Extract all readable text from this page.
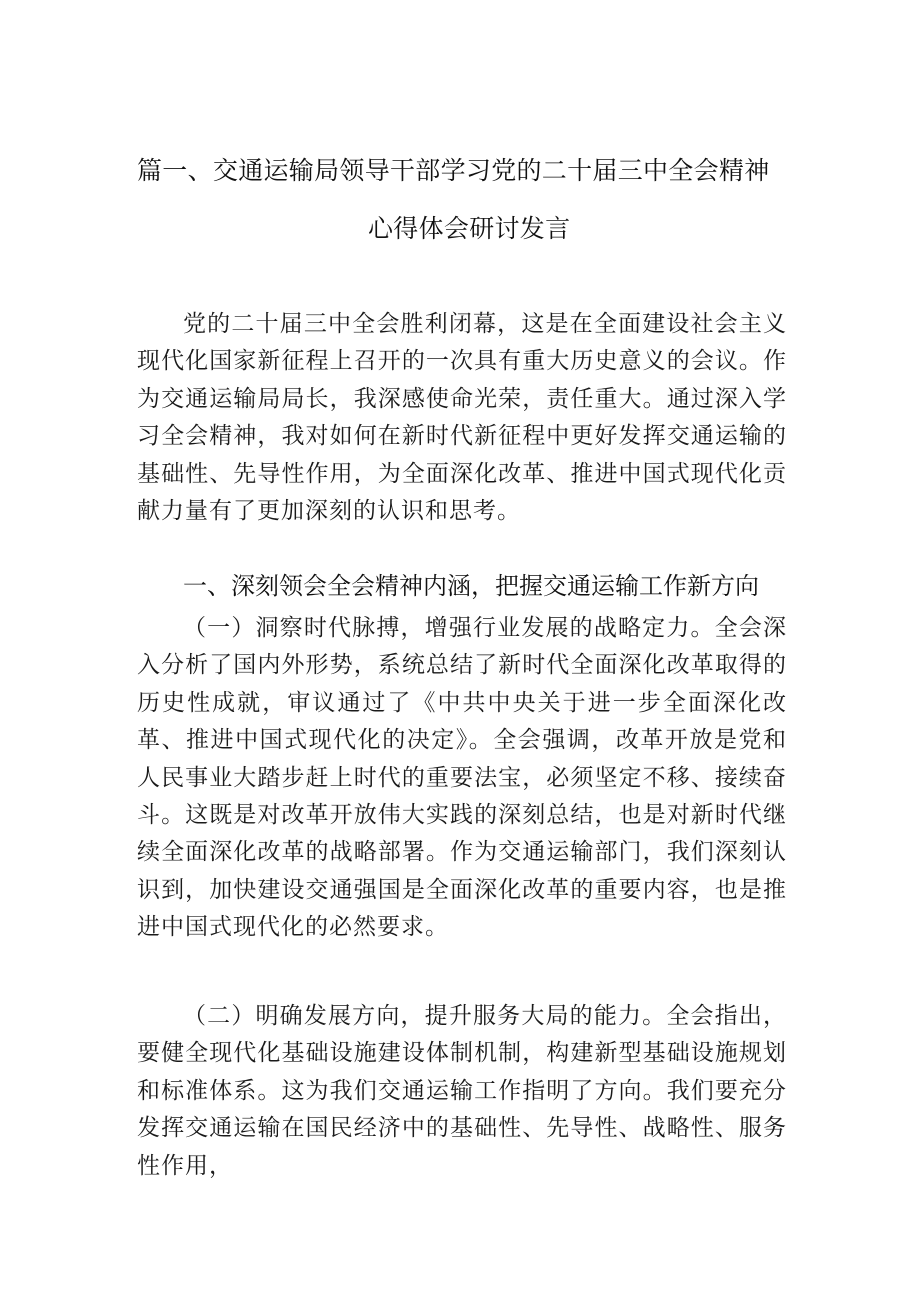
篇一、交通运输局领导干部学习党的二十届三中全会精神
心得体会研讨发言

党的二十届三中全会胜利闭幕，这是在全面建设社会主义现代化国家新征程上召开的一次具有重大历史意义的会议。作为交通运输局局长，我深感使命光荣，责任重大。通过深入学习全会精神，我对如何在新时代新征程中更好发挥交通运输的基础性、先导性作用，为全面深化改革、推进中国式现代化贡献力量有了更加深刻的认识和思考。

一、深刻领会全会精神内涵，把握交通运输工作新方向

（一）洞察时代脉搏，增强行业发展的战略定力。全会深入分析了国内外形势，系统总结了新时代全面深化改革取得的历史性成就，审议通过了《中共中央关于进一步全面深化改革、推进中国式现代化的决定》。全会强调，改革开放是党和人民事业大踏步赶上时代的重要法宝，必须坚定不移、接续奋斗。这既是对改革开放伟大实践的深刻总结，也是对新时代继续全面深化改革的战略部署。作为交通运输部门，我们深刻认识到，加快建设交通强国是全面深化改革的重要内容，也是推进中国式现代化的必然要求。

（二）明确发展方向，提升服务大局的能力。全会指出，要健全现代化基础设施建设体制机制，构建新型基础设施规划和标准体系。这为我们交通运输工作指明了方向。我们要充分发挥交通运输在国民经济中的基础性、先导性、战略性、服务性作用，
